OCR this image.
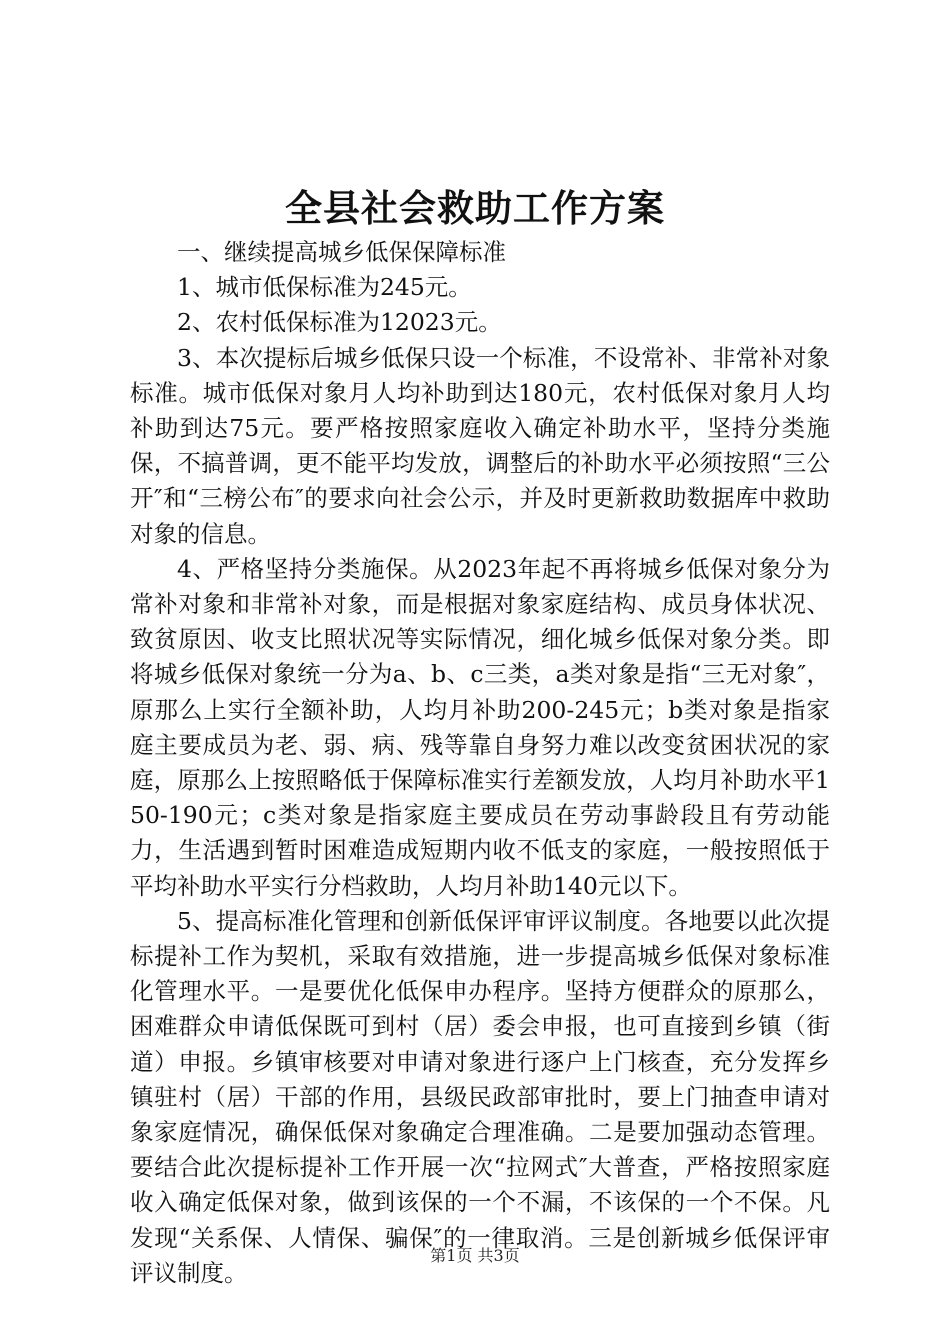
全县社会救助工作方案

一、继续提高城乡低保保障标准

1、城市低保标准为245元。

2、农村低保标准为12023元。

3、本次提标后城乡低保只设一个标准，不设常补、非常补对象标准。城市低保对象月人均补助到达180元，农村低保对象月人均补助到达75元。要严格按照家庭收入确定补助水平，坚持分类施保，不搞普调，更不能平均发放，调整后的补助水平必须按照“三公开″和“三榜公布″的要求向社会公示，并及时更新救助数据库中救助对象的信息。

4、严格坚持分类施保。从2023年起不再将城乡低保对象分为常补对象和非常补对象，而是根据对象家庭结构、成员身体状况、致贫原因、收支比照状况等实际情况，细化城乡低保对象分类。即将城乡低保对象统一分为a、b、c三类，a类对象是指“三无对象″，原那么上实行全额补助，人均月补助200-245元；b类对象是指家庭主要成员为老、弱、病、残等靠自身努力难以改变贫困状况的家庭，原那么上按照略低于保障标准实行差额发放，人均月补助水平150-190元；c类对象是指家庭主要成员在劳动事龄段且有劳动能力，生活遇到暂时困难造成短期内收不低支的家庭，一般按照低于平均补助水平实行分档救助，人均月补助140元以下。

5、提高标准化管理和创新低保评审评议制度。各地要以此次提标提补工作为契机，采取有效措施，进一步提高城乡低保对象标准化管理水平。一是要优化低保申办程序。坚持方便群众的原那么，困难群众申请低保既可到村（居）委会申报，也可直接到乡镇（街道）申报。乡镇审核要对申请对象进行逐户上门核查，充分发挥乡镇驻村（居）干部的作用，县级民政部审批时，要上门抽查申请对象家庭情况，确保低保对象确定合理准确。二是要加强动态管理。要结合此次提标提补工作开展一次“拉网式″大普查，严格按照家庭收入确定低保对象，做到该保的一个不漏，不该保的一个不保。凡发现“关系保、人情保、骗保″的一律取消。三是创新城乡低保评审评议制度。

第1页 共3页
